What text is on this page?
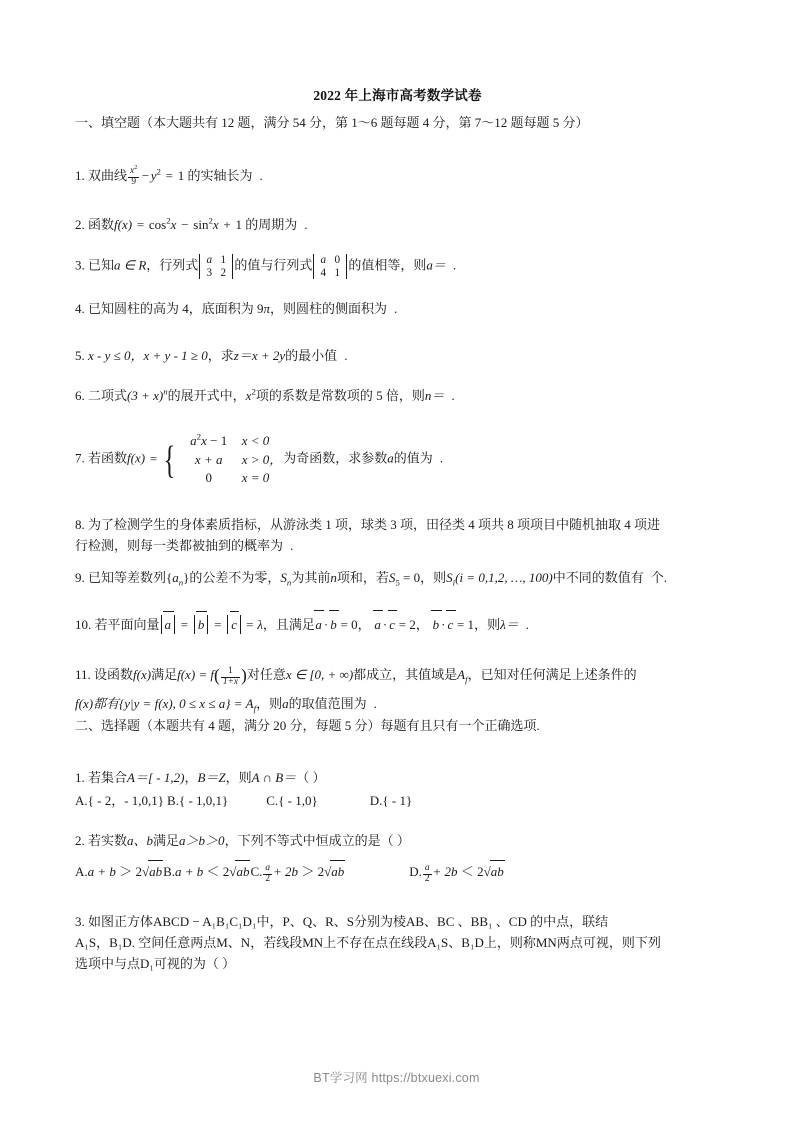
2022 年上海市高考数学试卷
一、填空题（本大题共有 12 题，满分 54 分，第 1～6 题每题 4 分，第 7～12 题每题 5 分）
1. 双曲线 $\frac{x^2}{9} - y^2 = 1$ 的实轴长为 .
2. 函数$f(x) = \cos^2x - \sin^2x + 1$ 的周期为 .
3. 已知a ∈ R，行列式 a 1
3 2
的值与行列式 a 0
4 1
的值相等，则a＝ .
4. 已知圆柱的高为 4，底面积为 9π，则圆柱的侧面积为 .
5. x - y ≤ 0，x + y - 1 ≥ 0，求z＝x + 2y的最小值 .
6. 二项式$(3 + x)^n$的展开式中，$x^2$项的系数是常数项的 5 倍，则n＝ .
7. 若函数f(x) = {	$a^2x - 1$ x < 0
x + a x > 0，
0 x = 0
为奇函数，求参数a的值为 .
8. 为了检测学生的身体素质指标，从游泳类 1 项，球类 3 项，田径类 4 项共 8 项项目中随机抽取 4 项进
行检测，则每一类都被抽到的概率为 .
9. 已知等差数列$\{a_n\}$的公差不为零，$S_n$为其前n项和，若$S_5 = 0$，则$S_i(i = 0,1,2$, …, 100)中不同的数值有 个.
10. 若平面向量 a = b = c = λ，且满足a · b = 0， a · c = 2， b · c = 1，则λ＝ .
11. 设函数f(x)满足$f(x) = f( \frac{1}{1+x}$ )对任意x ∈ [0, + ∞)都成立，其值域是$A_f$，已知对任何满足上述条件的
f(x)都有{y|y = f(x), $0 \le x \le a\} = A_f$，则a的取值范围为 .
二、选择题（本题共有 4 题，满分 20 分，每题 5 分）每题有且只有一个正确选项.
1. 若集合A＝[ - 1,2)，B＝Z，则A ∩ B＝（ ）
A.{ - 2，- 1,0,1} B.{ - 1,0,1}	C.{ - 1,0}	D.{ - 1}
2. 若实数a、b满足a＞b＞0，下列不等式中恒成立的是（ ）
A.a + b ＞ 2√abB.a + b ＜ 2√abC. $\frac{a}{2} + 2b > 2√ab$	D. $\frac{a}{2} + 2b < 2√ab$
3. 如图正方体ABCD − A₁B₁C₁D₁中，P、Q、R、S分别为棱AB、BC 、BB₁ 、CD 的中点，联结
A₁S，B₁D. 空间任意两点M、N，若线段MN上不存在点在线段A₁S、B₁D上，则称MN两点可视，则下列
选项中与点D₁可视的为（ ）
BT学习网 https://btxuexi.com
